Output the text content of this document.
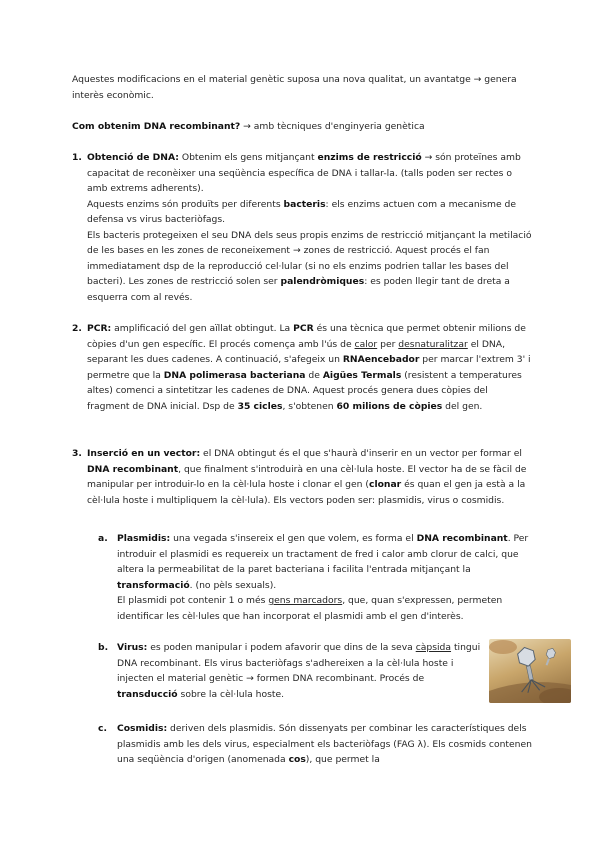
Aquestes modificacions en el material genètic suposa una nova qualitat, un avantatge → genera interès econòmic.

Com obtenim DNA recombinant? → amb tècniques d'enginyeria genètica

1. Obtenció de DNA: Obtenim els gens mitjançant enzims de restricció → són proteïnes amb capacitat de reconèixer una seqüència específica de DNA i tallar-la. (talls poden ser rectes o amb extrems adherents).
Aquests enzims són produïts per diferents bacteris: els enzims actuen com a mecanisme de defensa vs virus bacteriòfags.
Els bacteris protegeixen el seu DNA dels seus propis enzims de restricció mitjançant la metilació de les bases en les zones de reconeixement → zones de restricció. Aquest procés el fan immediatament dsp de la reproducció cel·lular (si no els enzims podrien tallar les bases del bacteri). Les zones de restricció solen ser palendròmiques: es poden llegir tant de dreta a esquerra com al revés.
2. PCR: amplificació del gen aïllat obtingut. La PCR és una tècnica que permet obtenir milions de còpies d'un gen específic. El procés comença amb l'ús de calor per desnaturalitzar el DNA, separant les dues cadenes. A continuació, s'afegeix un RNAencebador per marcar l'extrem 3' i permetre que la DNA polimerasa bacteriana de Aigües Termals (resistent a temperatures altes) comenci a sintetitzar les cadenes de DNA. Aquest procés genera dues còpies del fragment de DNA inicial. Dsp de 35 cicles, s'obtenen 60 milions de còpies del gen.
3. Inserció en un vector: el DNA obtingut és el que s'haurà d'inserir en un vector per formar el DNA recombinant, que finalment s'introduirà en una cèl·lula hoste. El vector ha de se fàcil de manipular per introduir-lo en la cèl·lula hoste i clonar el gen (clonar és quan el gen ja està a la cèl·lula hoste i multipliquem la cèl·lula). Els vectors poden ser: plasmidis, virus o cosmidis.
a. Plasmidis: una vegada s'insereix el gen que volem, es forma el DNA recombinant. Per introduir el plasmidi es requereix un tractament de fred i calor amb clorur de calci, que altera la permeabilitat de la paret bacteriana i facilita l'entrada mitjançant la transformació. (no pèls sexuals).
El plasmidi pot contenir 1 o més gens marcadors, que, quan s'expressen, permeten identificar les cèl·lules que han incorporat el plasmidi amb el gen d'interès.
b. Virus: es poden manipular i podem afavorir que dins de la seva càpsida tingui DNA recombinant. Els virus bacteriòfags s'adhereixen a la cèl·lula hoste i injecten el material genètic → formen DNA recombinant. Procés de transducció sobre la cèl·lula hoste.
c. Cosmidis: deriven dels plasmidis. Són dissenyats per combinar les característiques dels plasmidis amb les dels virus, especialment els bacteriòfags (FAG λ). Els cosmids contenen una seqüència d'origen (anomenada cos), que permet la
